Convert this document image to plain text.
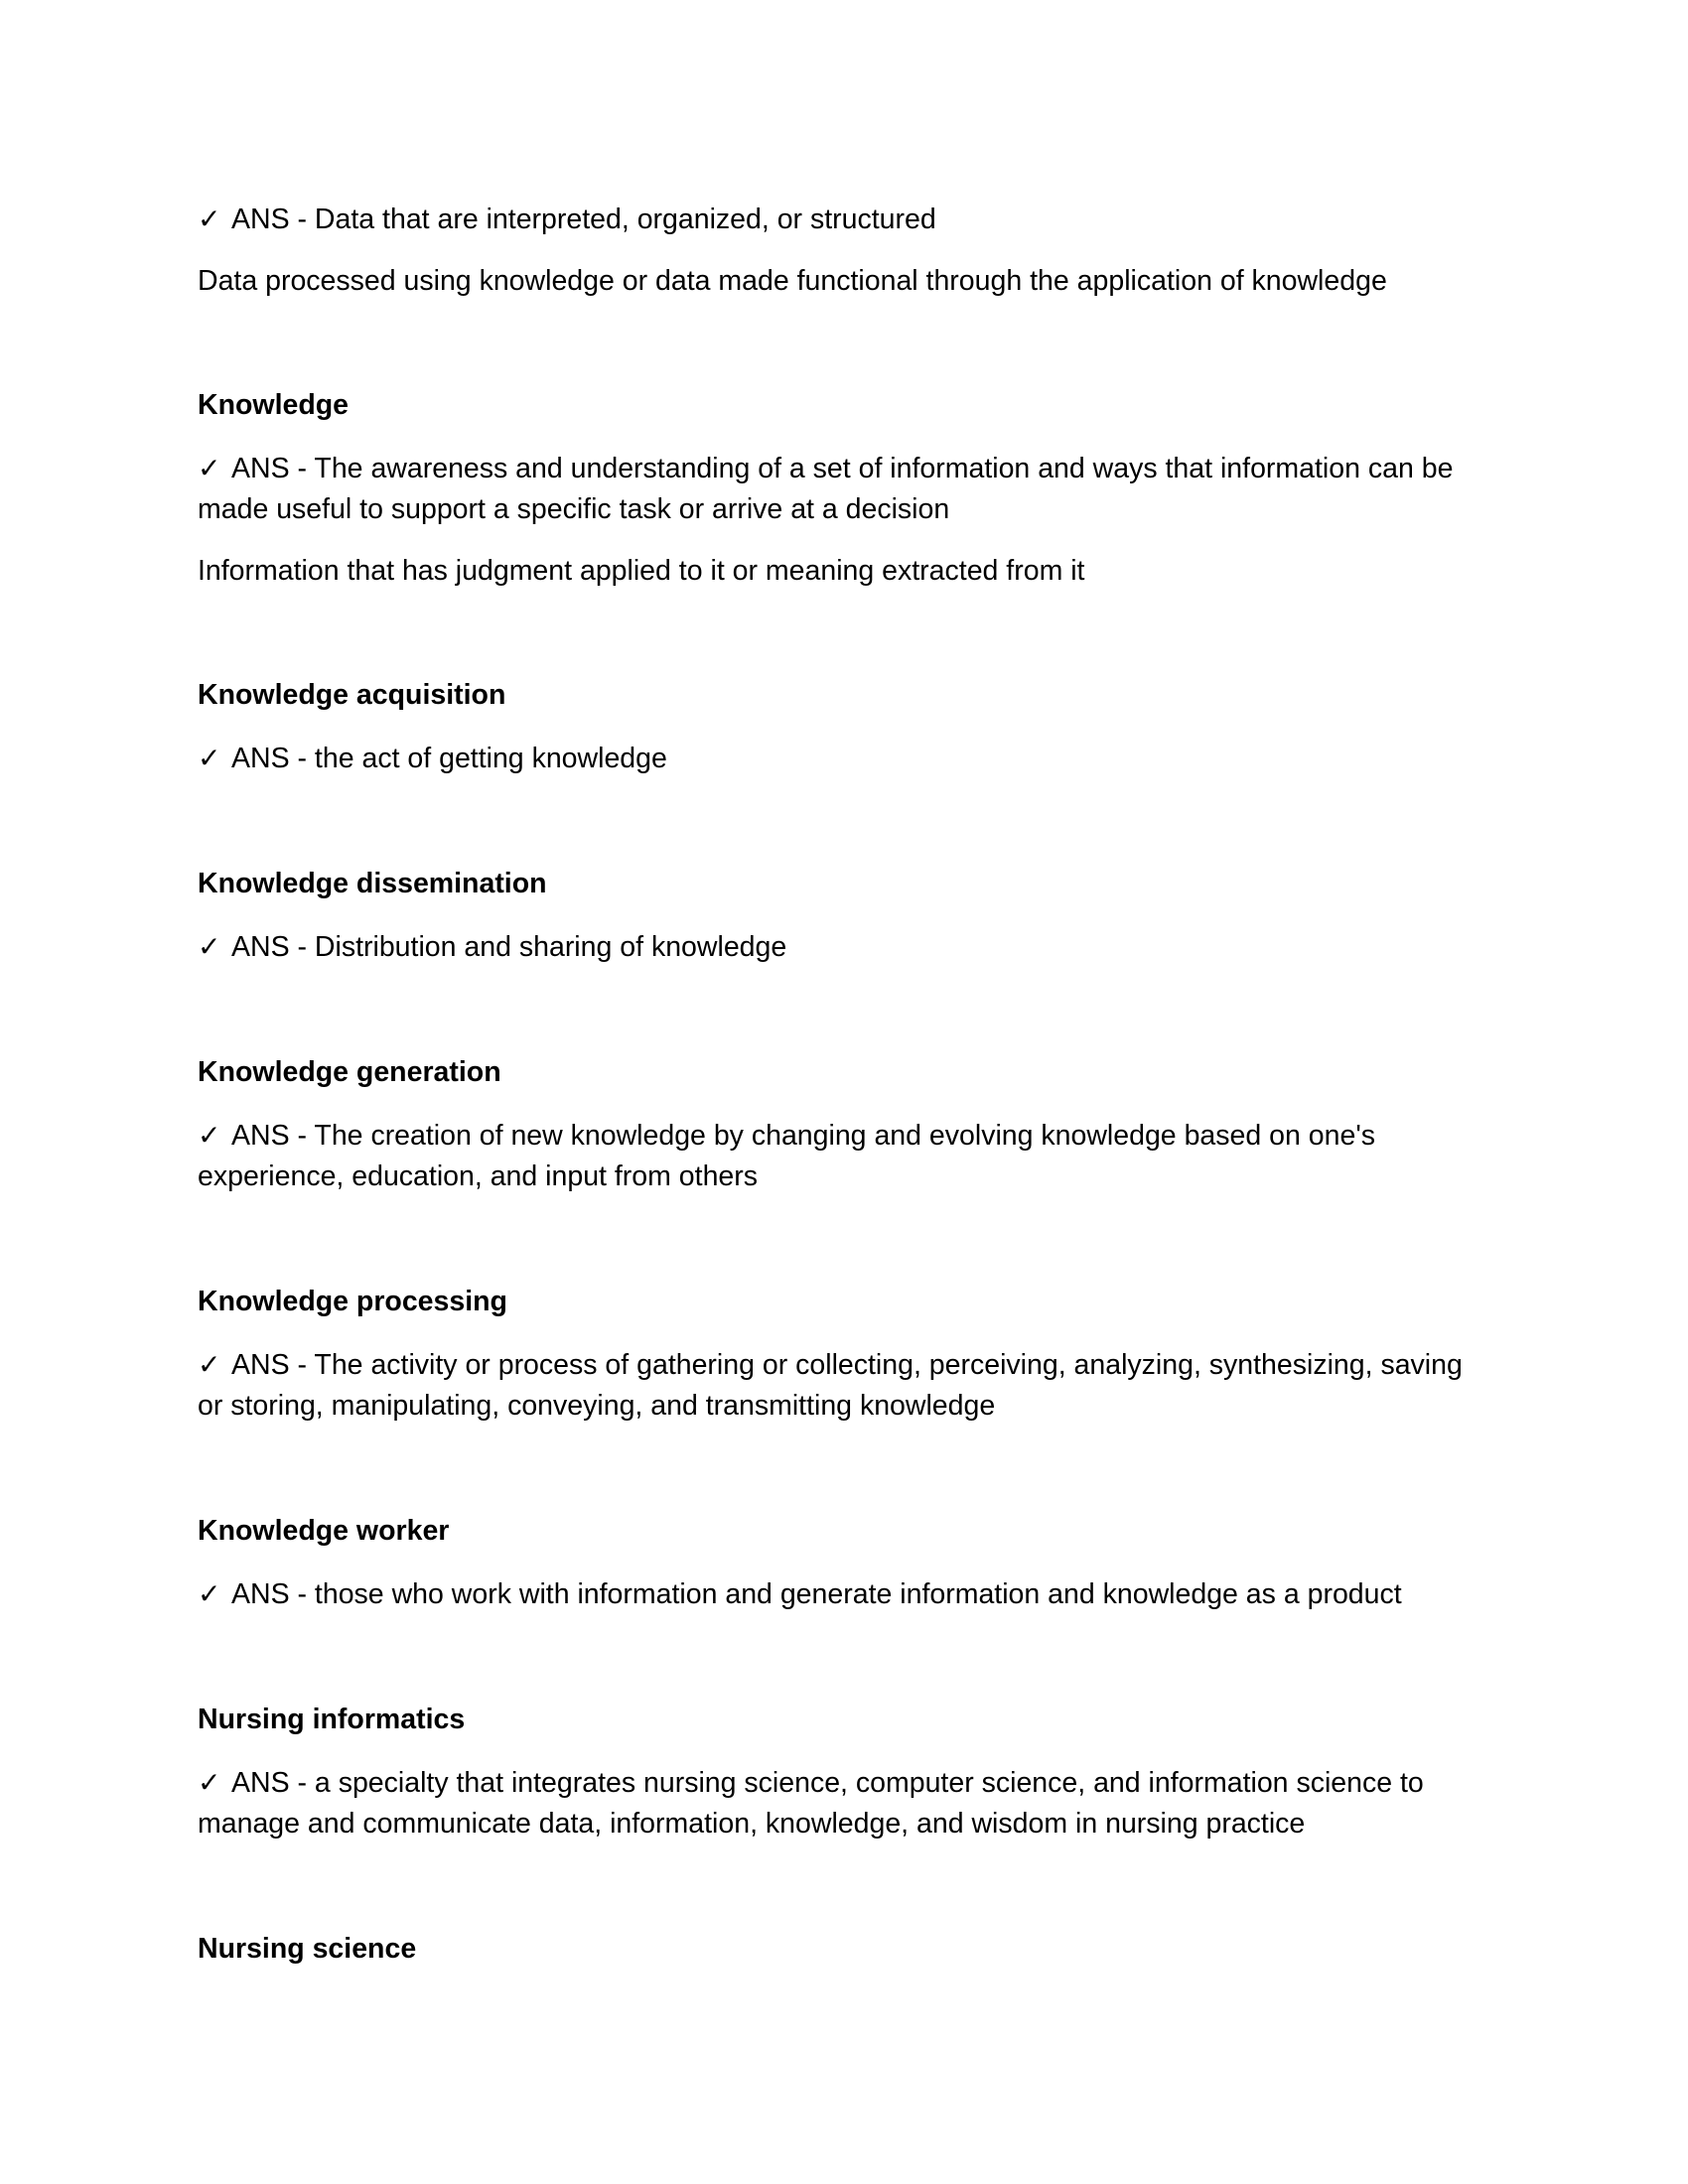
✓ ANS - Data that are interpreted, organized, or structured

Data processed using knowledge or data made functional through the application of knowledge

Knowledge

✓ ANS - The awareness and understanding of a set of information and ways that information can be made useful to support a specific task or arrive at a decision

Information that has judgment applied to it or meaning extracted from it

Knowledge acquisition

✓ ANS - the act of getting knowledge

Knowledge dissemination

✓ ANS - Distribution and sharing of knowledge

Knowledge generation

✓ ANS - The creation of new knowledge by changing and evolving knowledge based on one's experience, education, and input from others

Knowledge processing

✓ ANS - The activity or process of gathering or collecting, perceiving, analyzing, synthesizing, saving or storing, manipulating, conveying, and transmitting knowledge

Knowledge worker

✓ ANS - those who work with information and generate information and knowledge as a product

Nursing informatics

✓ ANS - a specialty that integrates nursing science, computer science, and information science to manage and communicate data, information, knowledge, and wisdom in nursing practice

Nursing science
